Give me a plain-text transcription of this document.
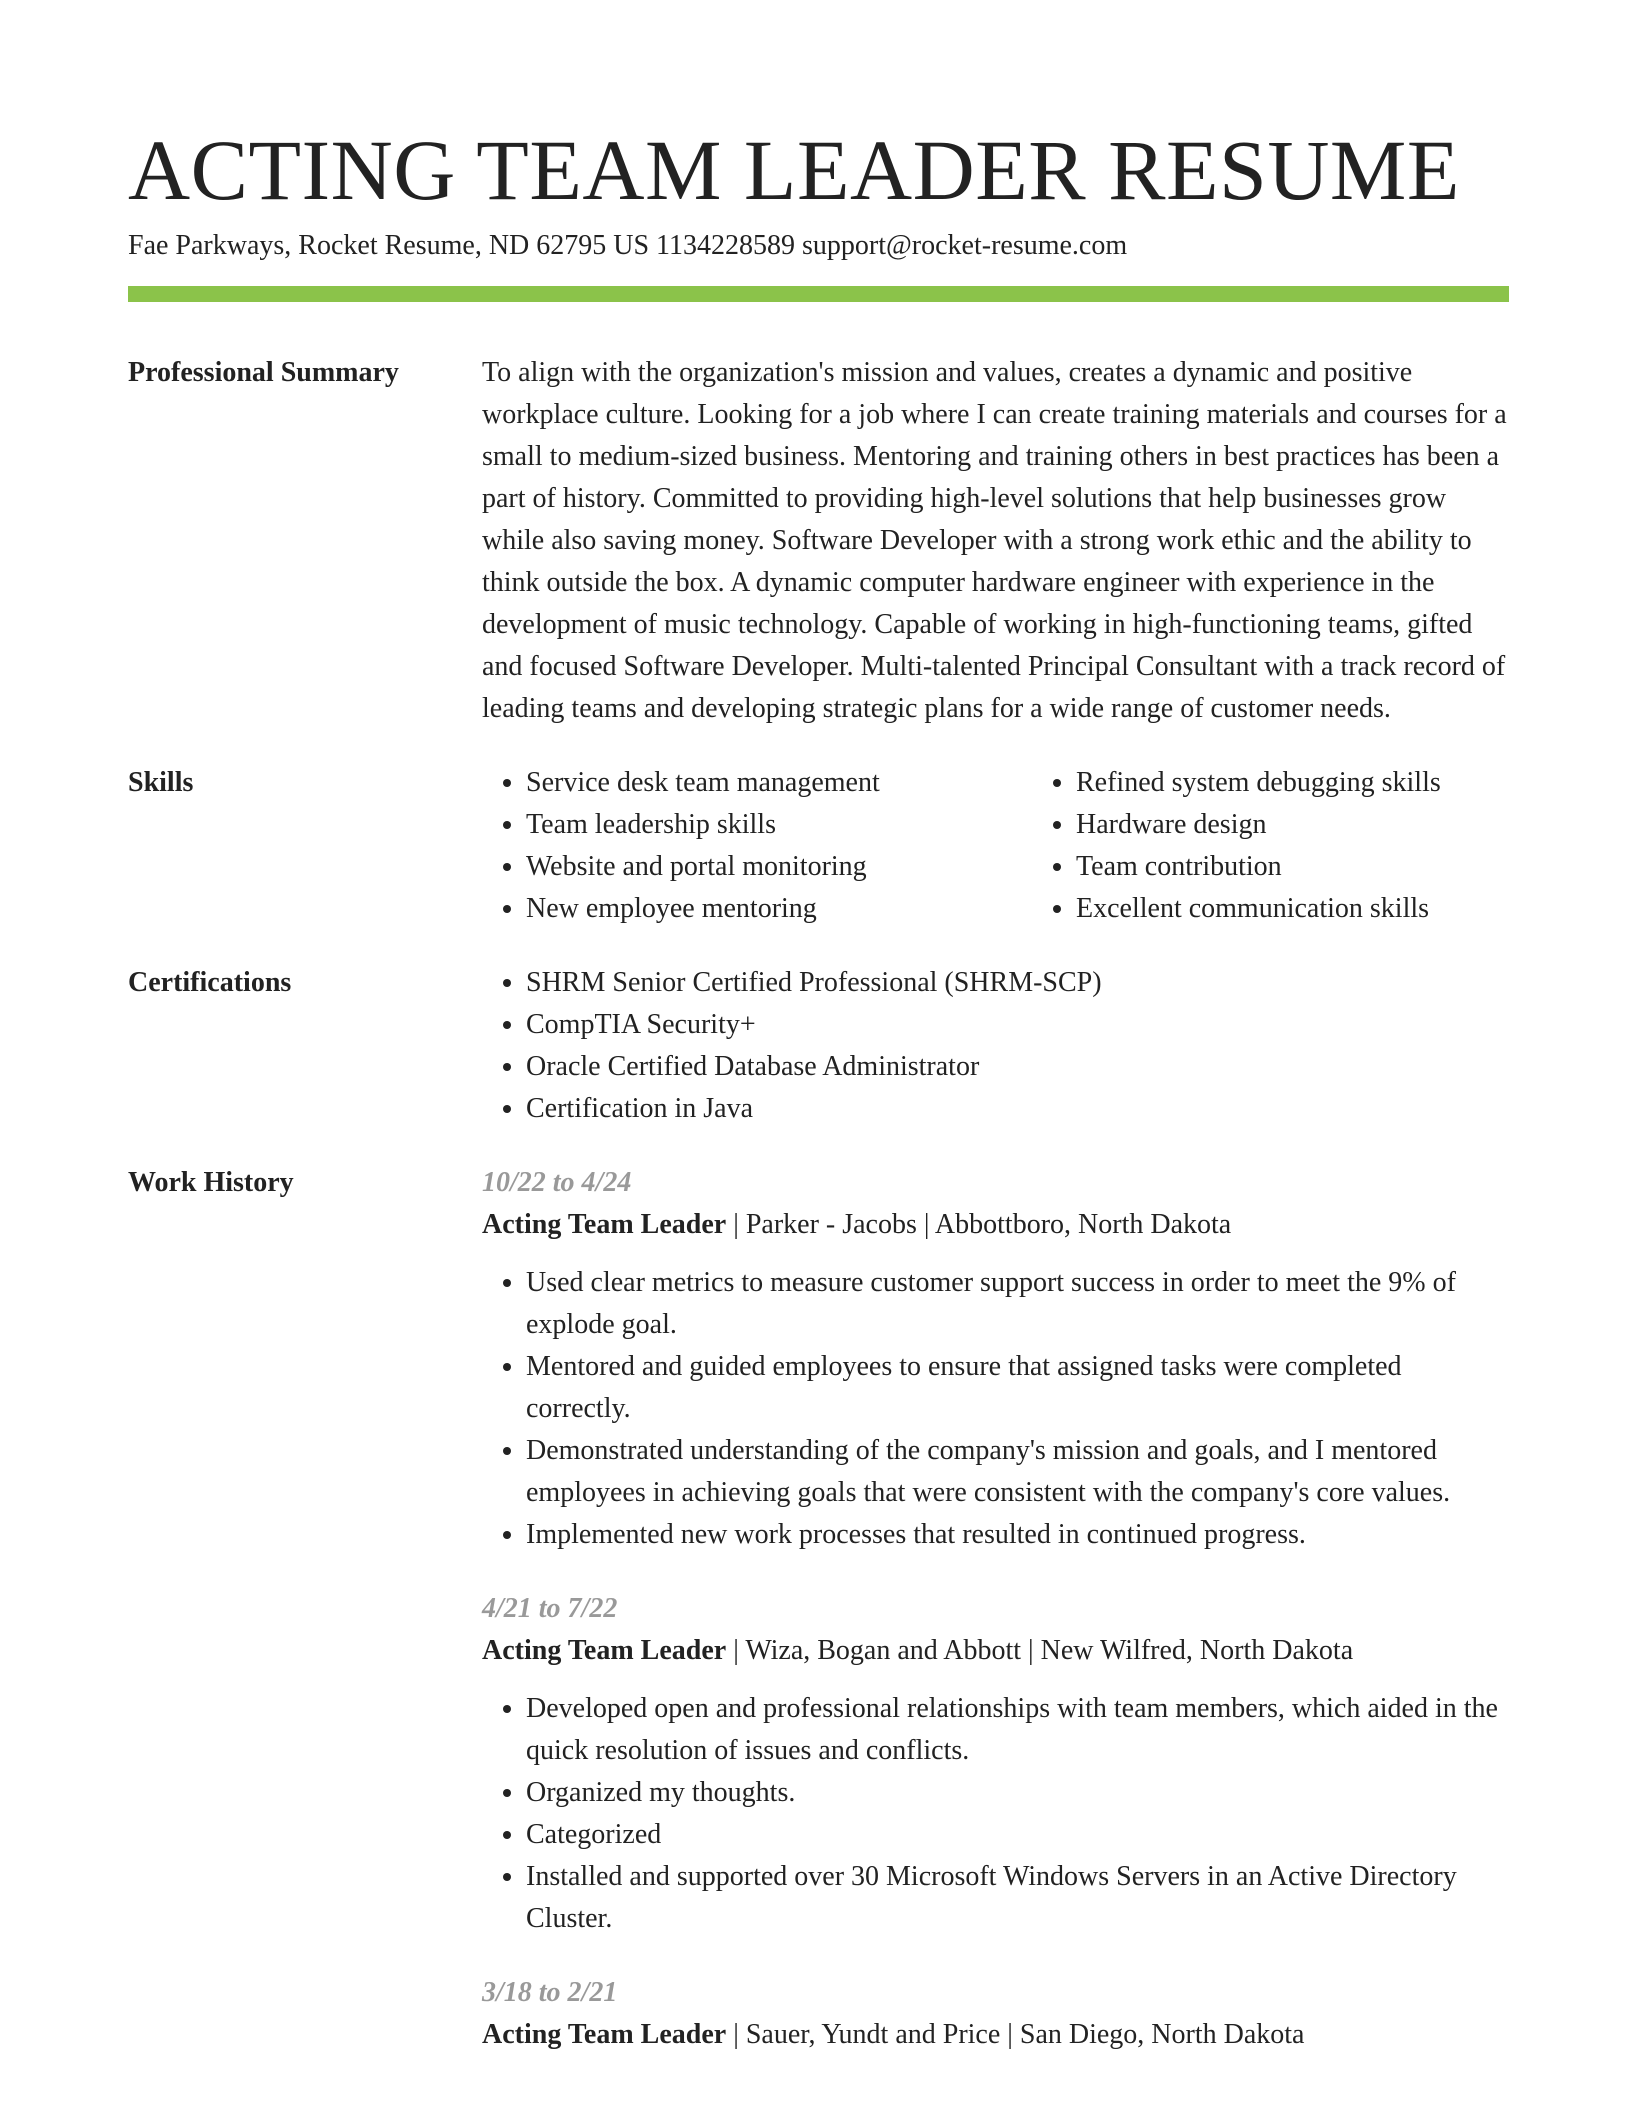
ACTING TEAM LEADER RESUME
Fae Parkways, Rocket Resume, ND 62795 US 1134228589 support@rocket-resume.com
Professional Summary	To align with the organization's mission and values, creates a dynamic and positive workplace culture. Looking for a job where I can create training materials and courses for a small to medium-sized business. Mentoring and training others in best practices has been a part of history. Committed to providing high-level solutions that help businesses grow while also saving money. Software Developer with a strong work ethic and the ability to think outside the box. A dynamic computer hardware engineer with experience in the development of music technology. Capable of working in high-functioning teams, gifted and focused Software Developer. Multi-talented Principal Consultant with a track record of leading teams and developing strategic plans for a wide range of customer needs.

Skills	• Service desk team management
• Team leadership skills
• Website and portal monitoring
• New employee mentoring
• Refined system debugging skills
• Hardware design
• Team contribution
• Excellent communication skills
Certifications	• SHRM Senior Certified Professional (SHRM-SCP)
• CompTIA Security+
• Oracle Certified Database Administrator
• Certification in Java
Work History	10/22 to 4/24
Acting Team Leader | Parker - Jacobs | Abbottboro, North Dakota
• Used clear metrics to measure customer support success in order to meet the 9% of explode goal.
• Mentored and guided employees to ensure that assigned tasks were completed correctly.
• Demonstrated understanding of the company's mission and goals, and I mentored employees in achieving goals that were consistent with the company's core values.
• Implemented new work processes that resulted in continued progress.
4/21 to 7/22
Acting Team Leader | Wiza, Bogan and Abbott | New Wilfred, North Dakota
• Developed open and professional relationships with team members, which aided in the quick resolution of issues and conflicts.
• Organized my thoughts.
• Categorized
• Installed and supported over 30 Microsoft Windows Servers in an Active Directory Cluster.
3/18 to 2/21
Acting Team Leader | Sauer, Yundt and Price | San Diego, North Dakota
